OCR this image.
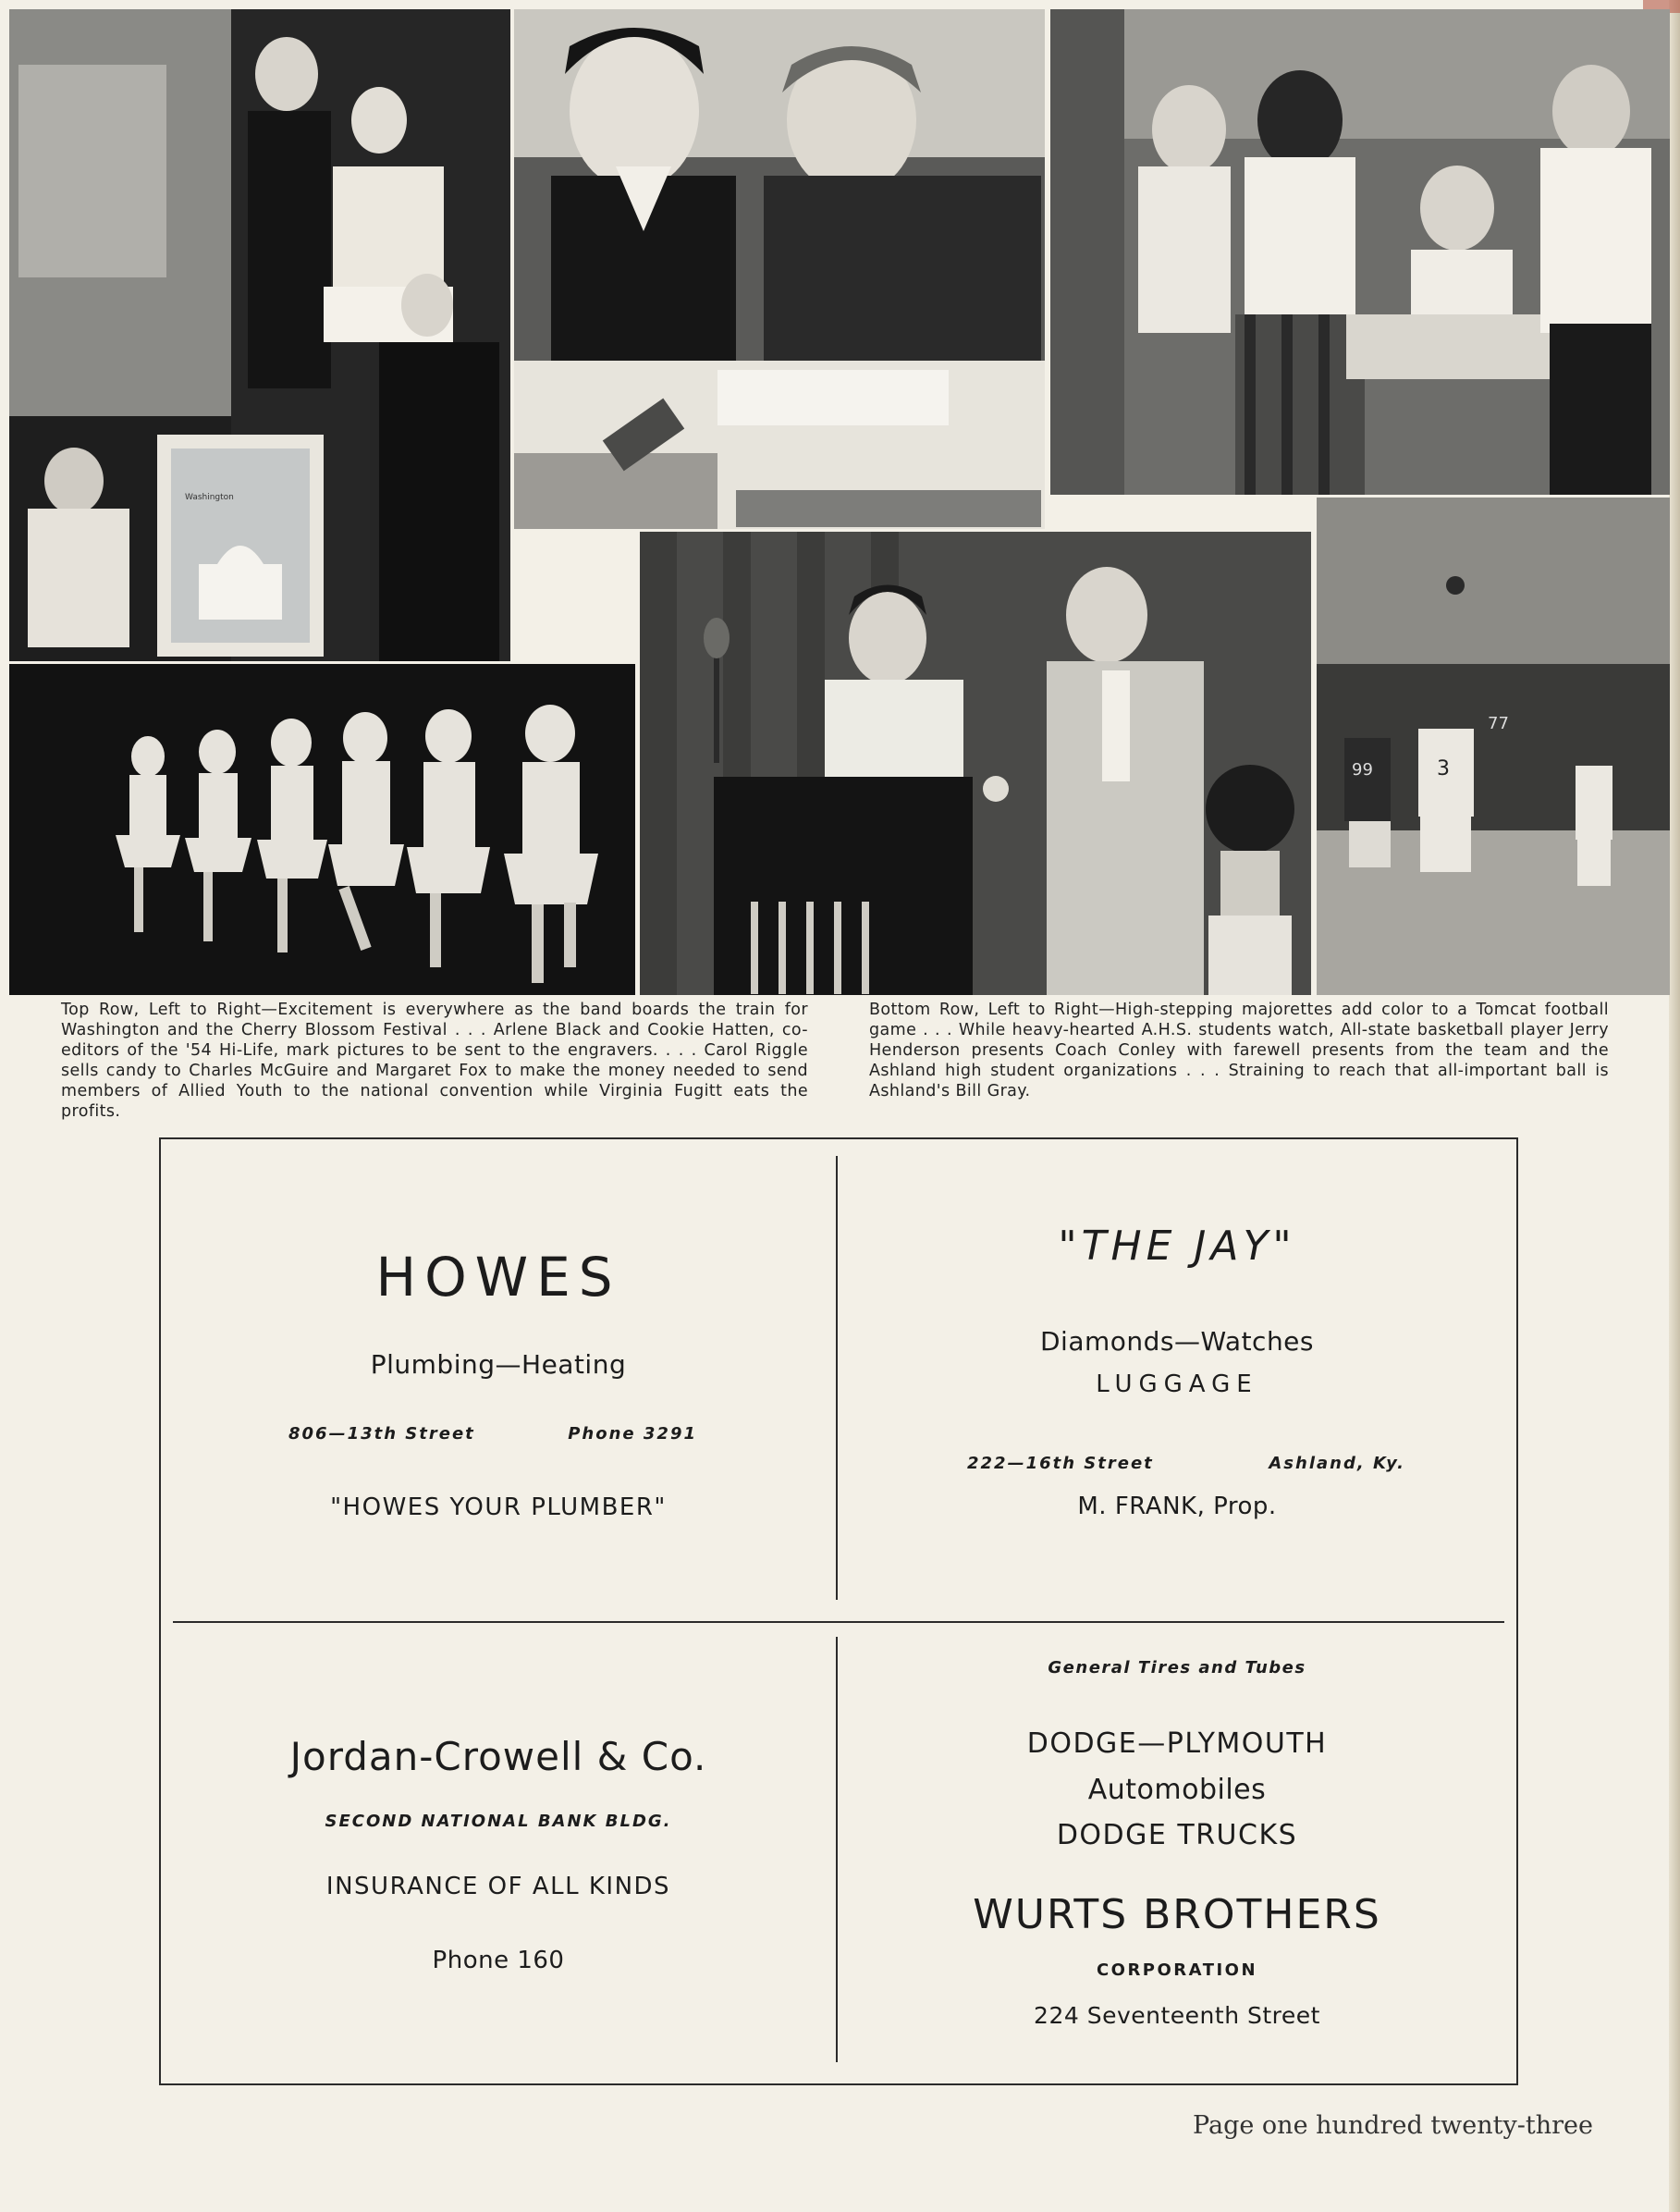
Washington
99	3
77

Top Row, Left to Right—Excitement is everywhere as the band boards the train for Washington and the Cherry Blossom Festival . . . Arlene Black and Cookie Hatten, co-editors of the '54 Hi-Life, mark pictures to be sent to the engravers. . . . Carol Riggle sells candy to Charles McGuire and Margaret Fox to make the money needed to send members of Allied Youth to the national convention while Virginia Fugitt eats the profits.

Bottom Row, Left to Right—High-stepping majorettes add color to a Tomcat football game . . . While heavy-hearted A.H.S. students watch, All-state basketball player Jerry Henderson presents Coach Conley with farewell presents from the team and the Ashland high student organizations . . . Straining to reach that all-important ball is Ashland's Bill Gray.

HOWES
Plumbing—Heating
806—13th Street	Phone 3291
"HOWES YOUR PLUMBER"
"THE JAY"
Diamonds—Watches
LUGGAGE
222—16th Street	Ashland, Ky.
M. FRANK, Prop.
Jordan-Crowell & Co.
SECOND NATIONAL BANK BLDG.
INSURANCE OF ALL KINDS
Phone 160
General Tires and Tubes
DODGE—PLYMOUTH
Automobiles
DODGE TRUCKS
WURTS BROTHERS
CORPORATION
224 Seventeenth Street
Page one hundred twenty-three
